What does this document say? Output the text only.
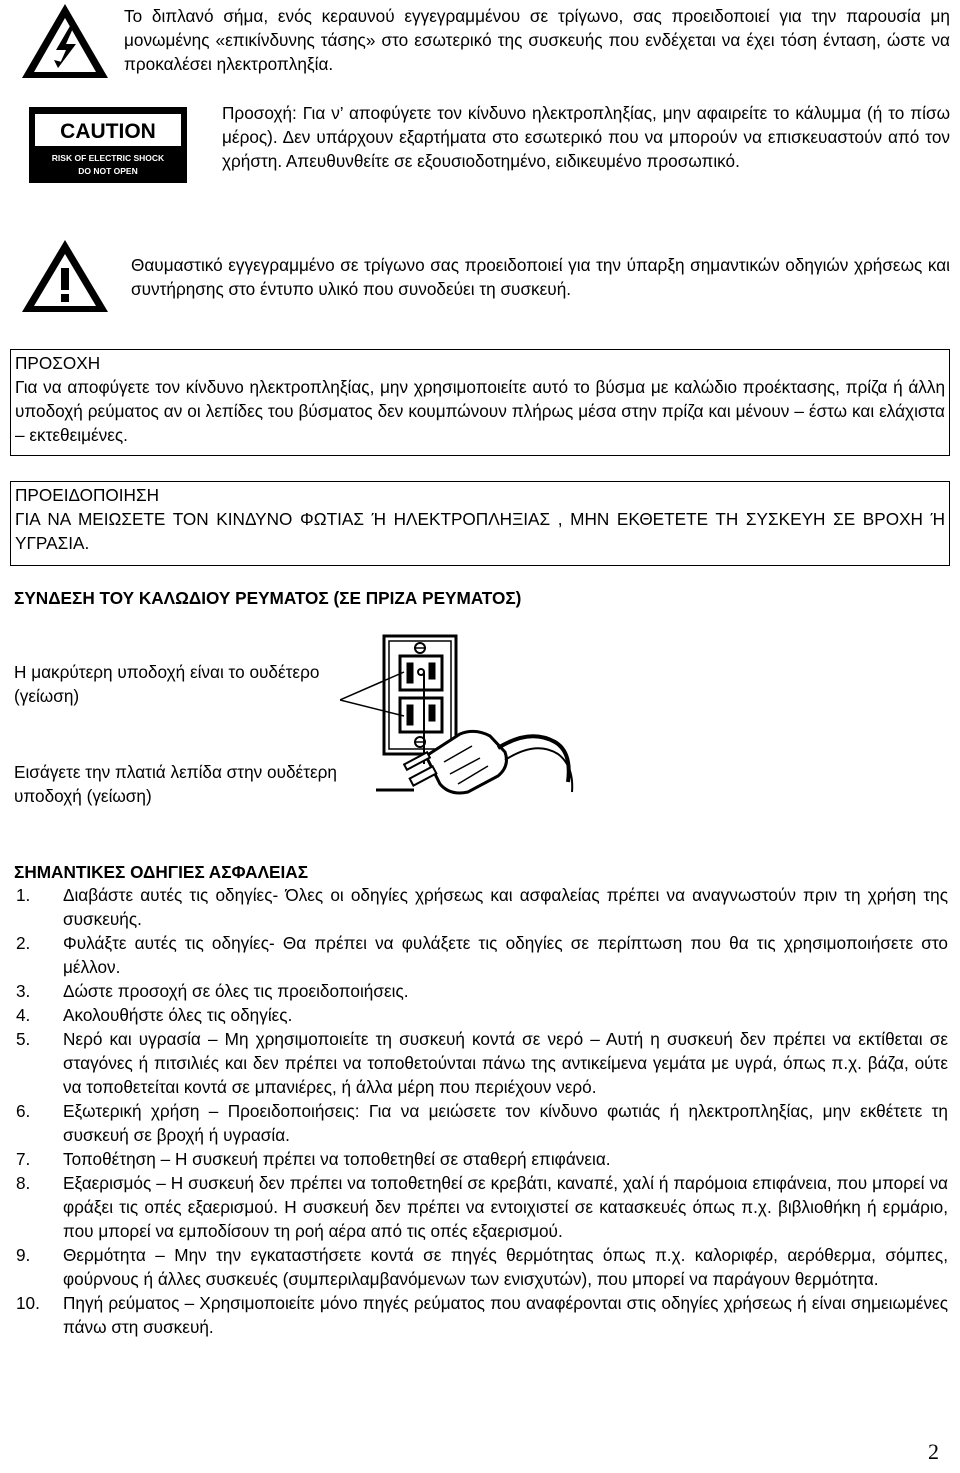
Το διπλανό σήμα, ενός κεραυνού εγγεγραμμένου σε τρίγωνο, σας προειδοποιεί για την παρουσία μη μονωμένης «επικίνδυνης τάσης» στο εσωτερικό της συσκευής που ενδέχεται να έχει τόση ένταση, ώστε να προκαλέσει ηλεκτροπληξία.
CAUTION
RISK OF ELECTRIC SHOCK
DO NOT OPEN
Προσοχή: Για ν’ αποφύγετε τον κίνδυνο ηλεκτροπληξίας, μην αφαιρείτε το κάλυμμα (ή το πίσω μέρος). Δεν υπάρχουν εξαρτήματα στο εσωτερικό που να μπορούν να επισκευαστούν από τον χρήστη. Απευθυνθείτε σε εξουσιοδοτημένο, ειδικευμένο προσωπικό.
Θαυμαστικό εγγεγραμμένο σε τρίγωνο σας προειδοποιεί για την ύπαρξη σημαντικών οδηγιών χρήσεως και συντήρησης στο έντυπο υλικό που συνοδεύει τη συσκευή.
ΠΡΟΣΟΧΗ
Για να αποφύγετε τον κίνδυνο ηλεκτροπληξίας, μην χρησιμοποιείτε αυτό το βύσμα με καλώδιο προέκτασης, πρίζα ή άλλη υποδοχή ρεύματος αν οι λεπίδες του βύσματος δεν κουμπώνουν πλήρως μέσα στην πρίζα και μένουν – έστω και ελάχιστα – εκτεθειμένες.
ΠΡΟΕΙΔΟΠΟΙΗΣΗ
ΓΙΑ ΝΑ ΜΕΙΩΣΕΤΕ ΤΟΝ ΚΙΝΔΥΝΟ ΦΩΤΙΑΣ Ή ΗΛΕΚΤΡΟΠΛΗΞΙΑΣ , ΜΗΝ ΕΚΘΕΤΕΤΕ ΤΗ ΣΥΣΚΕΥΗ ΣΕ ΒΡΟΧΗ Ή ΥΓΡΑΣΙΑ.
ΣΥΝΔΕΣΗ ΤΟΥ ΚΑΛΩΔΙΟΥ ΡΕΥΜΑΤΟΣ (ΣΕ ΠΡΙΖΑ ΡΕΥΜΑΤΟΣ)
Η μακρύτερη υποδοχή είναι το ουδέτερο (γείωση)
Εισάγετε την πλατιά λεπίδα στην ουδέτερη υποδοχή (γείωση)
ΣΗΜΑΝΤΙΚΕΣ ΟΔΗΓΙΕΣ ΑΣΦΑΛΕΙΑΣ
1. Διαβάστε αυτές τις οδηγίες- Όλες οι οδηγίες χρήσεως και ασφαλείας πρέπει να αναγνωστούν πριν τη χρήση της συσκευής.
2. Φυλάξτε αυτές τις οδηγίες- Θα πρέπει να φυλάξετε τις οδηγίες σε περίπτωση που θα τις χρησιμοποιήσετε στο μέλλον.
3. Δώστε προσοχή σε όλες τις προειδοποιήσεις.
4. Ακολουθήστε όλες τις οδηγίες.
5. Νερό και υγρασία – Μη χρησιμοποιείτε τη συσκευή κοντά σε νερό – Αυτή η συσκευή δεν πρέπει να εκτίθεται σε σταγόνες ή πιτσιλιές και δεν πρέπει να τοποθετούνται πάνω της αντικείμενα γεμάτα με υγρά, όπως π.χ. βάζα, ούτε να τοποθετείται κοντά σε μπανιέρες, ή άλλα μέρη που περιέχουν νερό.
6. Εξωτερική χρήση – Προειδοποιήσεις: Για να μειώσετε τον κίνδυνο φωτιάς ή ηλεκτροπληξίας, μην εκθέτετε τη συσκευή σε βροχή ή υγρασία.
7. Τοποθέτηση – Η συσκευή πρέπει να τοποθετηθεί σε σταθερή επιφάνεια.
8. Εξαερισμός – Η συσκευή δεν πρέπει να τοποθετηθεί σε κρεβάτι, καναπέ, χαλί ή παρόμοια επιφάνεια, που μπορεί να φράξει τις οπές εξαερισμού. Η συσκευή δεν πρέπει να εντοιχιστεί σε κατασκευές όπως π.χ. βιβλιοθήκη ή ερμάριο, που μπορεί να εμποδίσουν τη ροή αέρα από τις οπές εξαερισμού.
9. Θερμότητα – Μην την εγκαταστήσετε κοντά σε πηγές θερμότητας όπως π.χ. καλοριφέρ, αερόθερμα, σόμπες, φούρνους ή άλλες συσκευές (συμπεριλαμβανόμενων των ενισχυτών), που μπορεί να παράγουν θερμότητα.
10. Πηγή ρεύματος – Χρησιμοποιείτε μόνο πηγές ρεύματος που αναφέρονται στις οδηγίες χρήσεως ή είναι σημειωμένες πάνω στη συσκευή.
2
